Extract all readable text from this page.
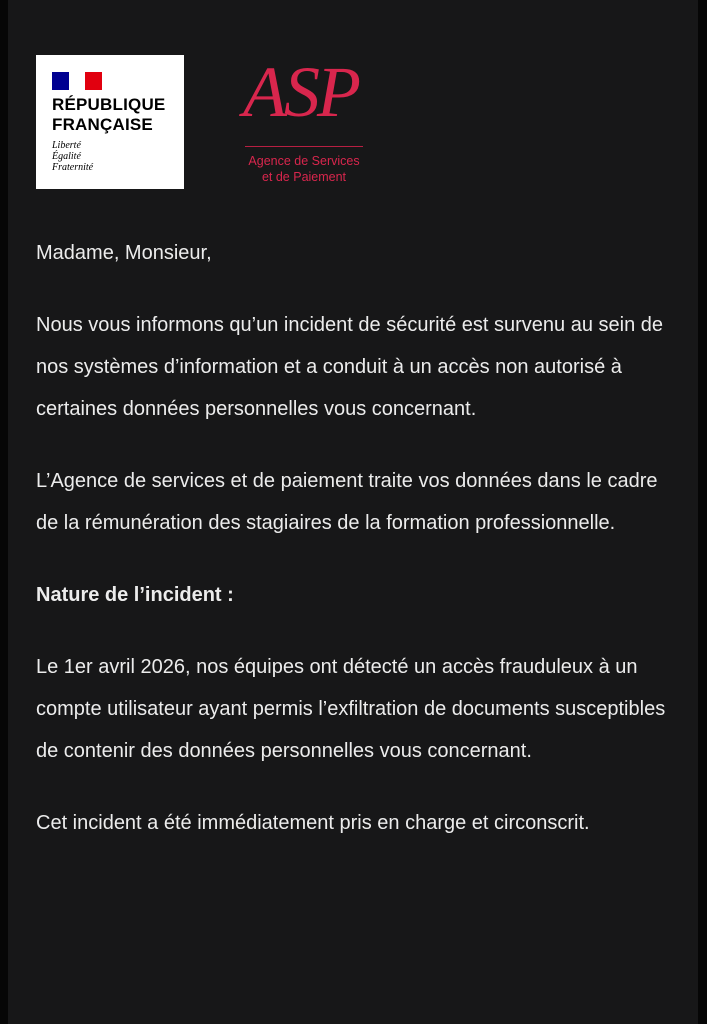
RÉPUBLIQUE
FRANÇAISE
Liberté
Égalité
Fraternité
ASP
Agence de Services
et de Paiement

Madame, Monsieur,

Nous vous informons qu’un incident de sécurité est survenu au sein de nos systèmes d’information et a conduit à un accès non autorisé à certaines données personnelles vous concernant.

L’Agence de services et de paiement traite vos données dans le cadre de la rémunération des stagiaires de la formation professionnelle.

Nature de l’incident :

Le 1er avril 2026, nos équipes ont détecté un accès frauduleux à un compte utilisateur ayant permis l’exfiltration de documents susceptibles de contenir des données personnelles vous concernant.

Cet incident a été immédiatement pris en charge et circonscrit.
